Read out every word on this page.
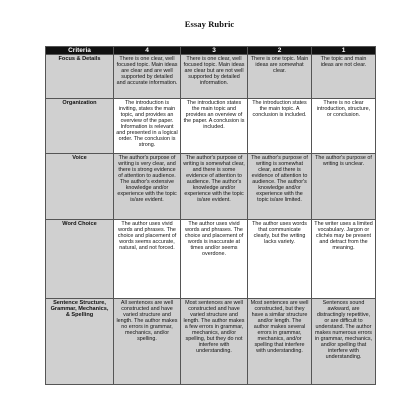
Essay Rubric
Criteria	4	3	2	1
Focus & Details	There is one clear, well focused topic. Main ideas are clear and are well supported by detailed and accurate information.	There is one clear, well focused topic. Main ideas are clear but are not well supported by detailed information.	There is one topic. Main ideas are somewhat clear.	The topic and main ideas are not clear.
Organization	The introduction is inviting, states the main topic, and provides an overview of the paper. Information is relevant and presented in a logical order. The conclusion is strong.	The introduction states the main topic and provides an overview of the paper. A conclusion is included.	The introduction states the main topic. A conclusion is included.	There is no clear introduction, structure, or conclusion.
Voice	The author's purpose of writing is very clear, and there is strong evidence of attention to audience. The author's extensive knowledge and/or experience with the topic is/are evident.	The author's purpose of writing is somewhat clear, and there is some evidence of attention to audience. The author's knowledge and/or experience with the topic is/are evident.	The author's purpose of writing is somewhat clear, and there is evidence of attention to audience. The author's knowledge and/or experience with the topic is/are limited.	The author's purpose of writing is unclear.
Word Choice	The author uses vivid words and phrases. The choice and placement of words seems accurate, natural, and not forced.	The author uses vivid words and phrases. The choice and placement of words is inaccurate at times and/or seems overdone.	The author uses words that communicate clearly, but the writing lacks variety.	The writer uses a limited vocabulary. Jargon or clichés may be present and detract from the meaning.
Sentence Structure, Grammar, Mechanics, & Spelling	All sentences are well constructed and have varied structure and length. The author makes no errors in grammar, mechanics, and/or spelling.	Most sentences are well constructed and have varied structure and length. The author makes a few errors in grammar, mechanics, and/or spelling, but they do not interfere with understanding.	Most sentences are well constructed, but they have a similar structure and/or length. The author makes several errors in grammar, mechanics, and/or spelling that interfere with understanding.	Sentences sound awkward, are distractingly repetitive, or are difficult to understand. The author makes numerous errors in grammar, mechanics, and/or spelling that interfere with understanding.
